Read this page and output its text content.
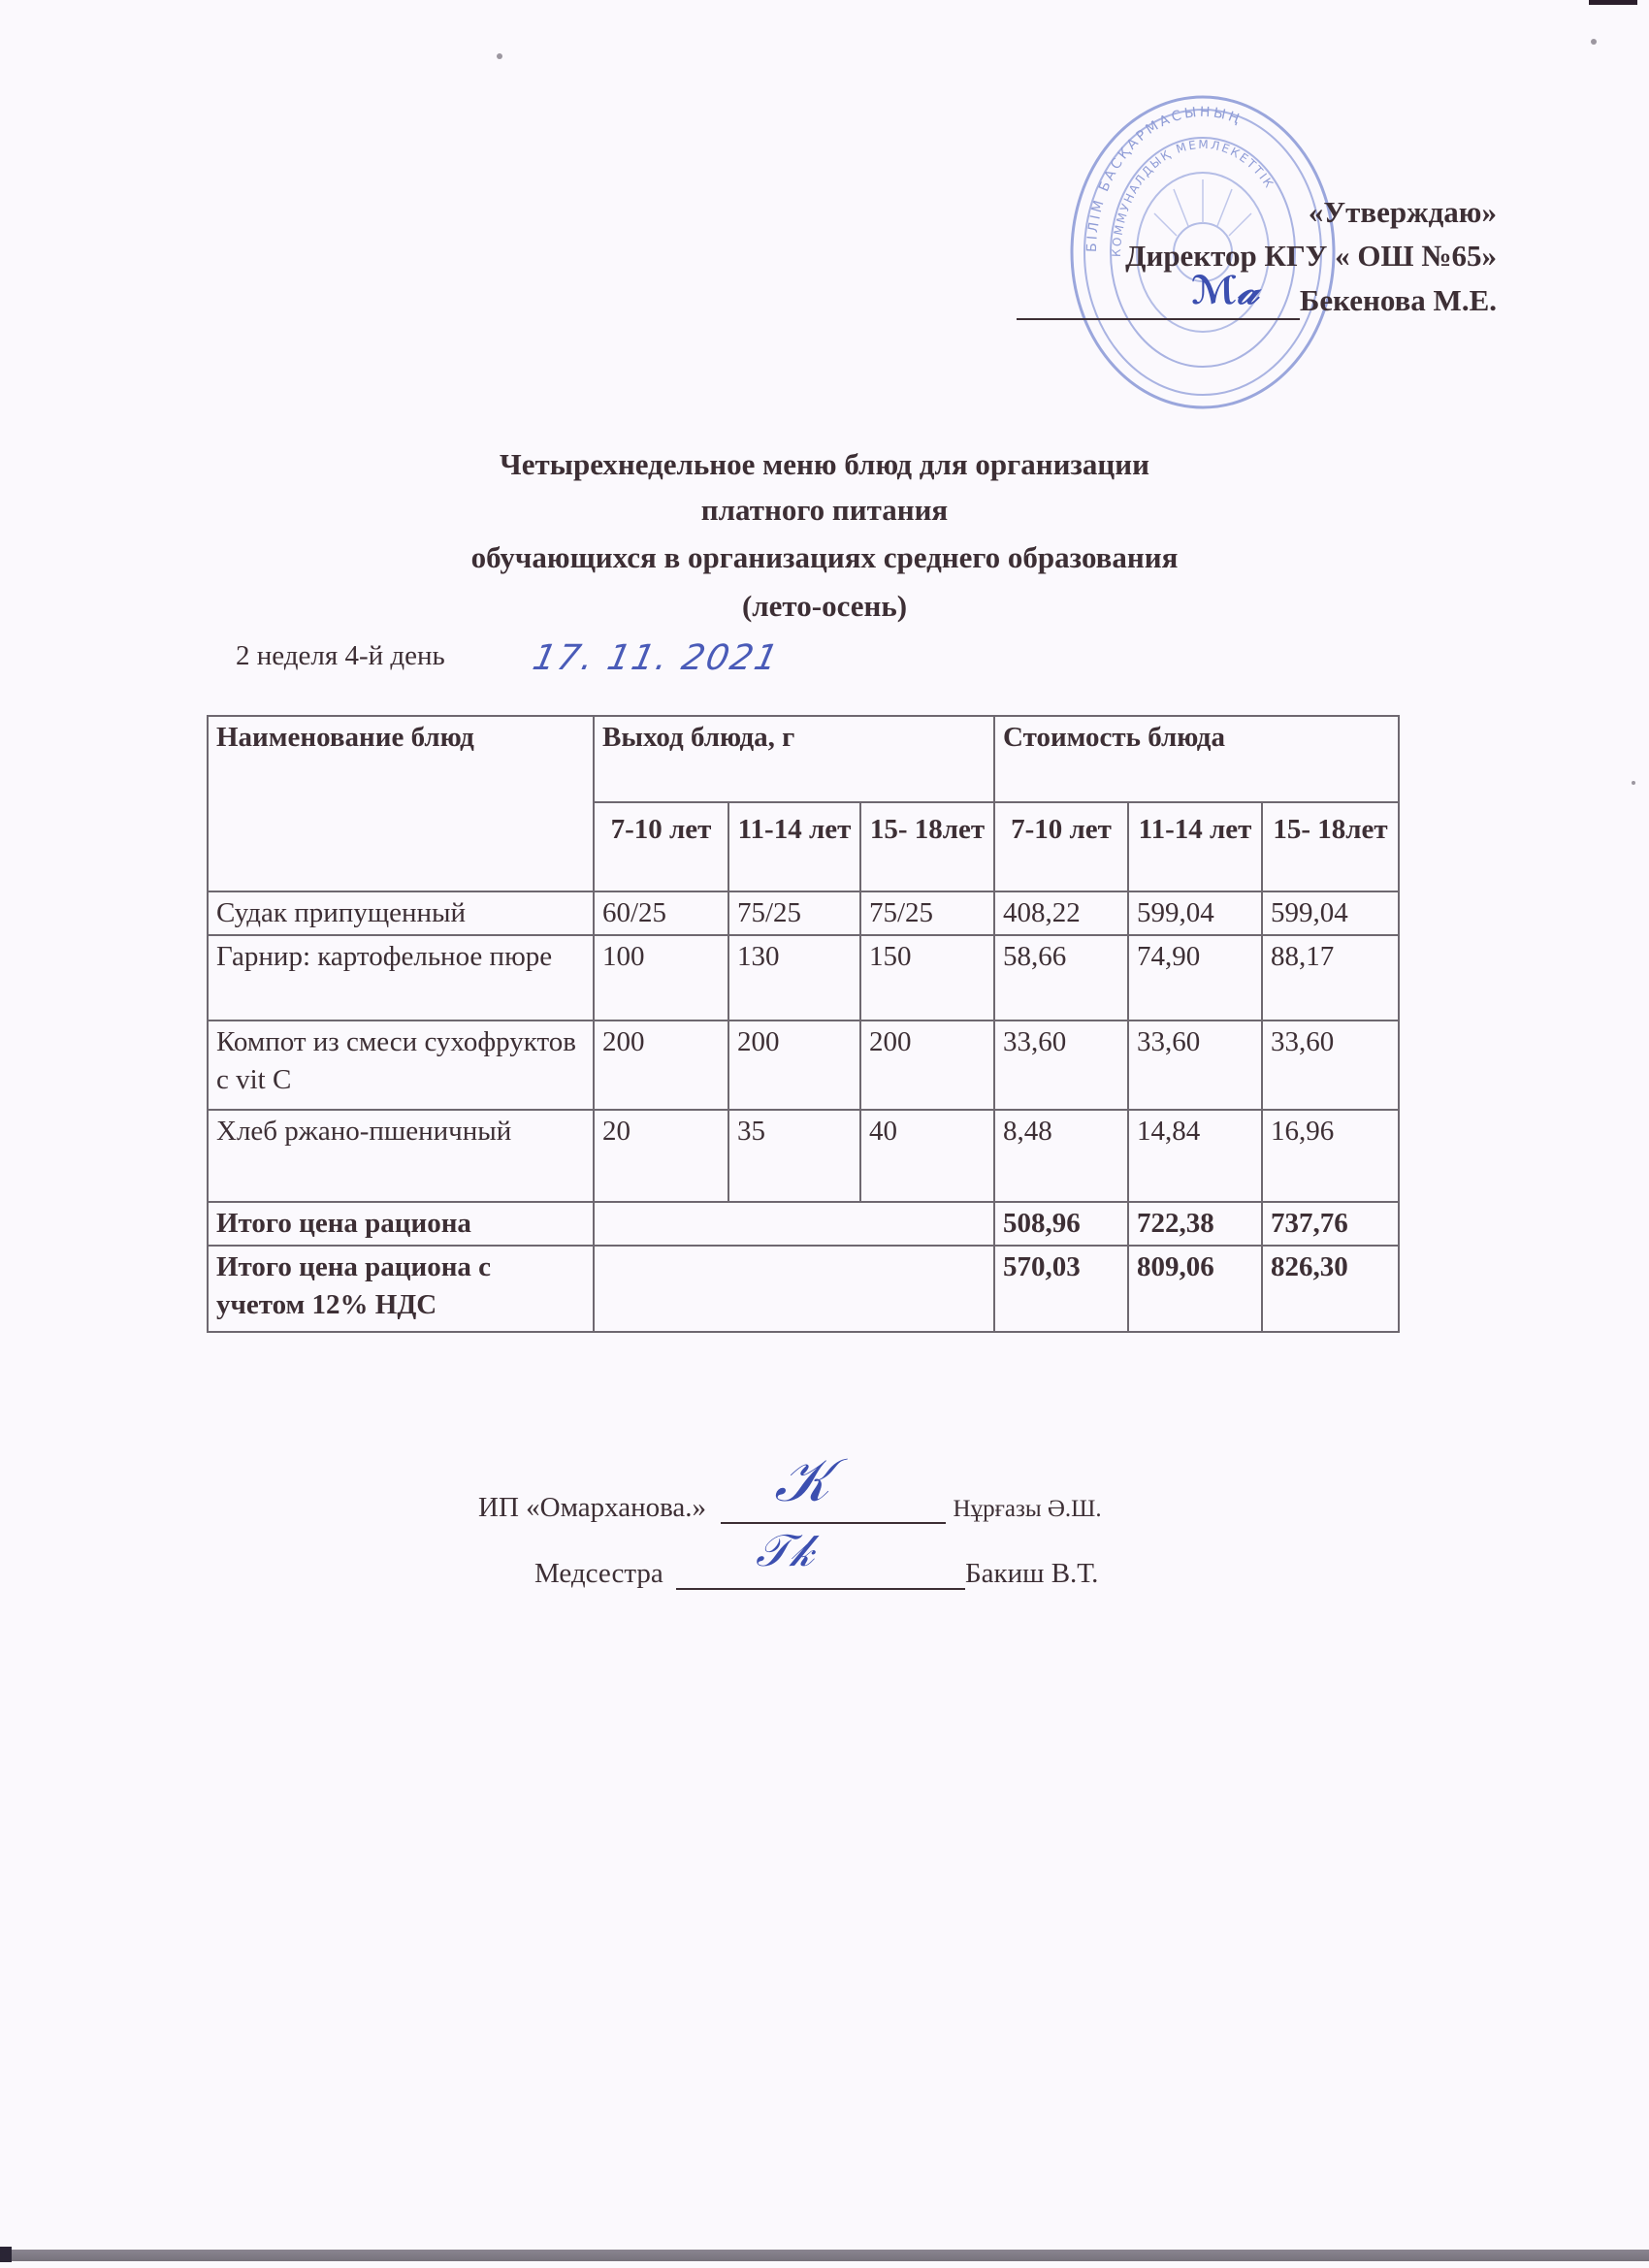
БІЛІМ БАСҚАРМАСЫНЫҢ
КОММУНАЛДЫҚ МЕМЛЕКЕТТІК
«Утверждаю»
Директор КГУ « ОШ №65»
ℳ𝒶 Бекенова М.Е.
Четырехнедельное меню блюд для организации
платного питания
обучающихся в организациях среднего образования
(лето-осень)
2 неделя 4-й день 17. 11. 2021
Наименование блюд	Выход блюда, г			Стоимость блюда		
	7-10 лет	11-14 лет	15- 18лет	7-10 лет	11-14 лет	15- 18лет
Судак припущенный	60/25	75/25	75/25	408,22	599,04	599,04
Гарнир: картофельное пюре	100	130	150	58,66	74,90	88,17
Компот из смеси сухофруктов с vit C	200	200	200	33,60	33,60	33,60
Хлеб ржано-пшеничный	20	35	40	8,48	14,84	16,96
Итого цена рациона				508,96	722,38	737,76
Итого цена рациона с учетом 12% НДС				570,03	809,06	826,30
ИП «Омарханова.» 𝒦	Нұрғазы Ә.Ш.
Медсестра 𝒯𝓀	Бакиш В.Т.
